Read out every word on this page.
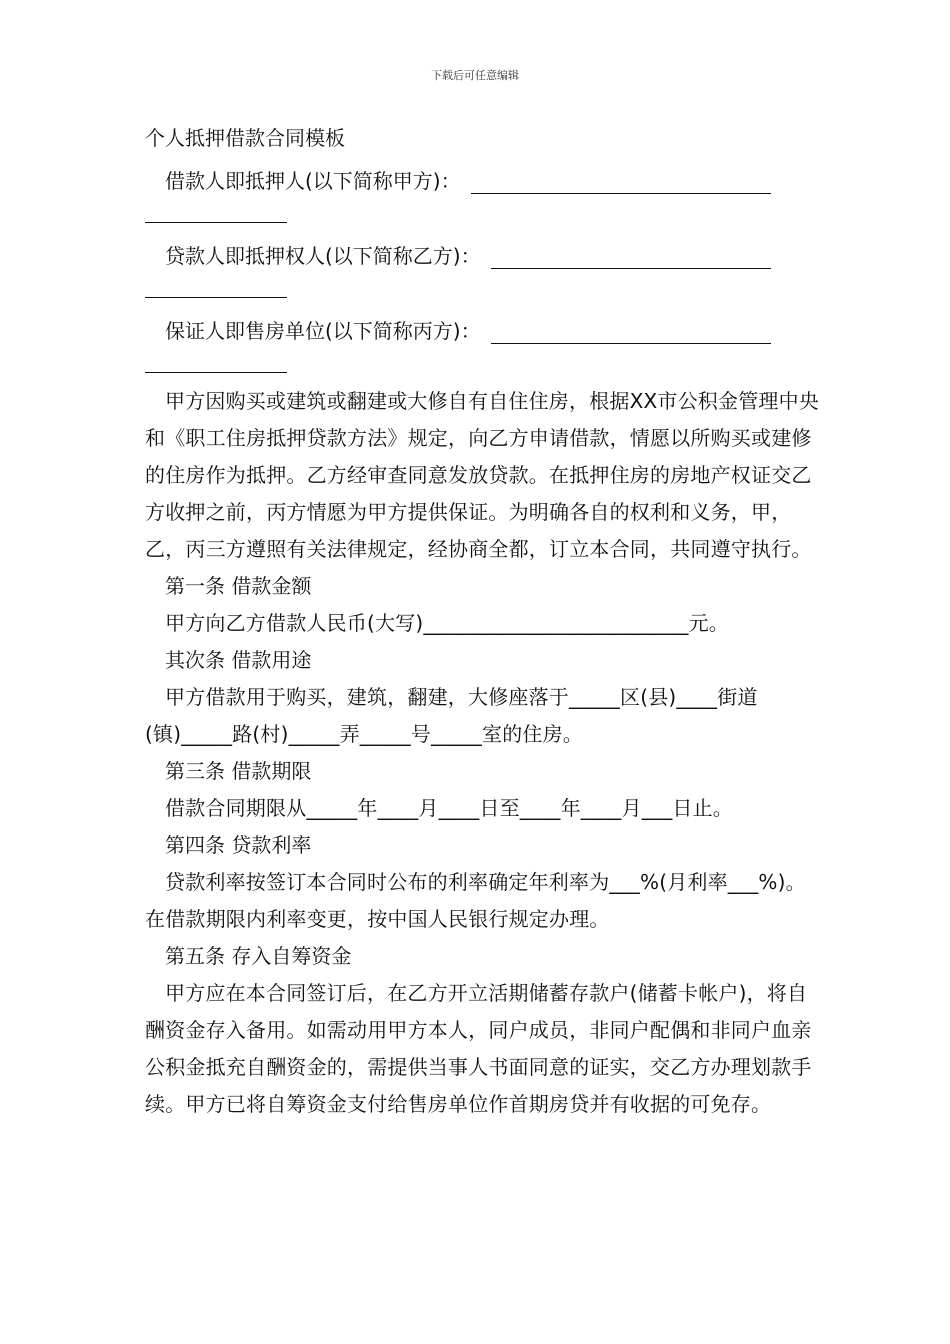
下载后可任意编辑
个人抵押借款合同模板
借款人即抵押人(以下简称甲方)：
贷款人即抵押权人(以下简称乙方)：
保证人即售房单位(以下简称丙方)：

甲方因购买或建筑或翻建或大修自有自住住房，根据XX市公积金管理中央和《职工住房抵押贷款方法》规定，向乙方申请借款，情愿以所购买或建修的住房作为抵押。乙方经审查同意发放贷款。在抵押住房的房地产权证交乙方收押之前，丙方情愿为甲方提供保证。为明确各自的权利和义务，甲，乙，丙三方遵照有关法律规定，经协商全都，订立本合同，共同遵守执行。

第一条 借款金额

甲方向乙方借款人民币(大写)__________________________元。

其次条 借款用途

甲方借款用于购买，建筑，翻建，大修座落于_____区(县)____街道(镇)_____路(村)_____弄_____号_____室的住房。

第三条 借款期限

借款合同期限从_____年____月____日至____年____月___日止。

第四条 贷款利率

贷款利率按签订本合同时公布的利率确定年利率为___%(月利率___%)。在借款期限内利率变更，按中国人民银行规定办理。

第五条 存入自筹资金

甲方应在本合同签订后，在乙方开立活期储蓄存款户(储蓄卡帐户)，将自酬资金存入备用。如需动用甲方本人，同户成员，非同户配偶和非同户血亲公积金抵充自酬资金的，需提供当事人书面同意的证实，交乙方办理划款手续。甲方已将自筹资金支付给售房单位作首期房贷并有收据的可免存。
